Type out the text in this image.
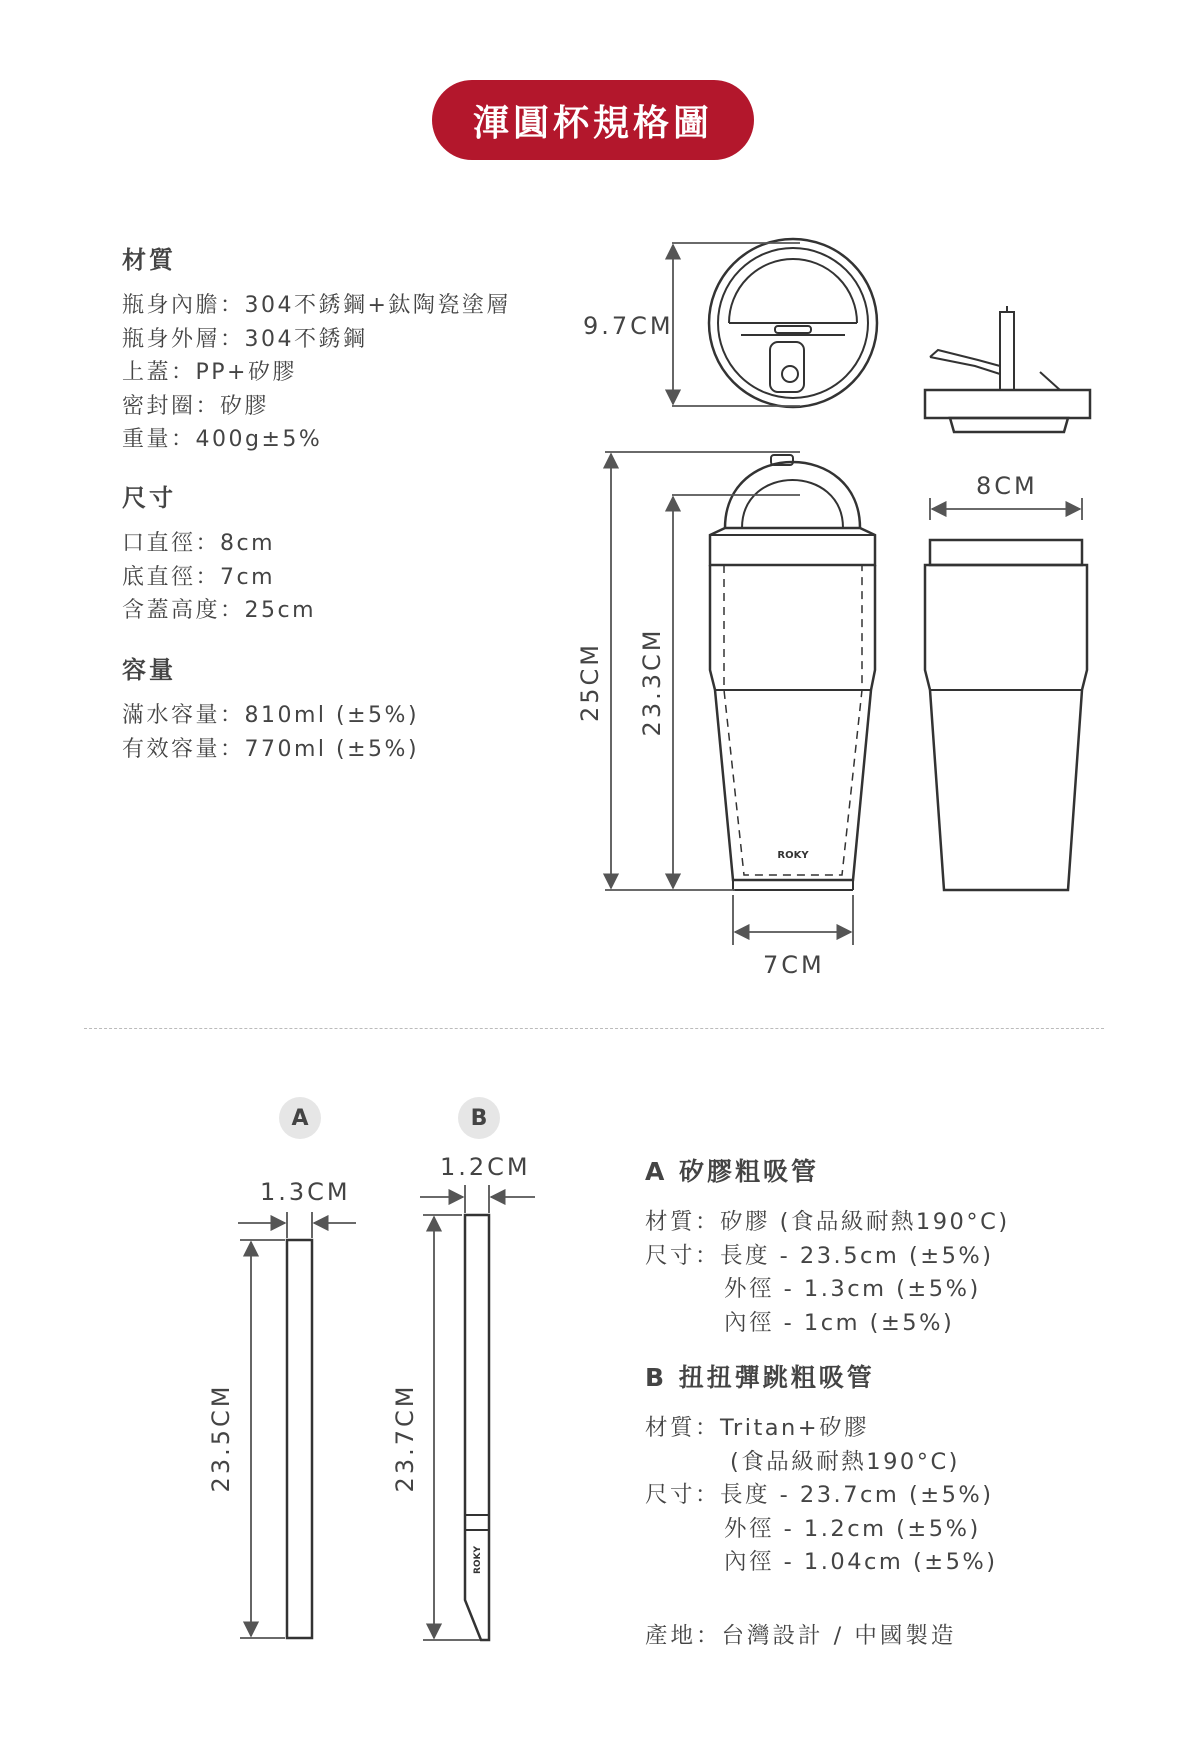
渾圓杯規格圖
材質
瓶身內膽：304不銹鋼+鈦陶瓷塗層
瓶身外層：304不銹鋼
上蓋：PP+矽膠
密封圈：矽膠
重量：400g±5%
尺寸
口直徑：8cm
底直徑：7cm
含蓋高度：25cm
容量
滿水容量：810ml (±5%)
有效容量：770ml (±5%)
ROKY
ROKY
9.7CM
25CM 23.3CM
8CM
7CM
A	B
1.3CM
1.2CM
23.5CM	23.7CM
A 矽膠粗吸管
材質：矽膠 (食品級耐熱190°C)
尺寸：長度 - 23.5cm (±5%)
外徑 - 1.3cm (±5%)
內徑 - 1cm (±5%)
B 扭扭彈跳粗吸管
材質：Tritan+矽膠
(食品級耐熱190°C)
尺寸：長度 - 23.7cm (±5%)
外徑 - 1.2cm (±5%)
內徑 - 1.04cm (±5%)
產地：台灣設計 / 中國製造
